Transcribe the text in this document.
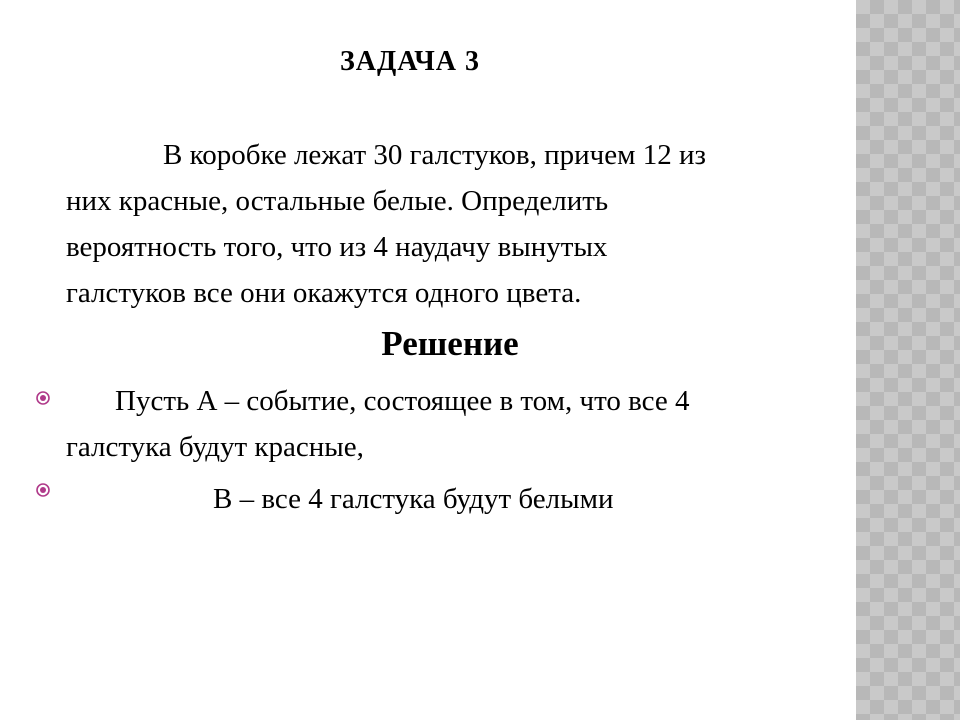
ЗАДАЧА 3

В коробке лежат 30 галстуков, причем 12 из
них красные, остальные белые. Определить
вероятность того, что из 4 наудачу вынутых
галстуков все они окажутся одного цвета.

Решение
Пусть А – событие, состоящее в том, что все 4
галстука будут красные,
В – все 4 галстука будут белыми
